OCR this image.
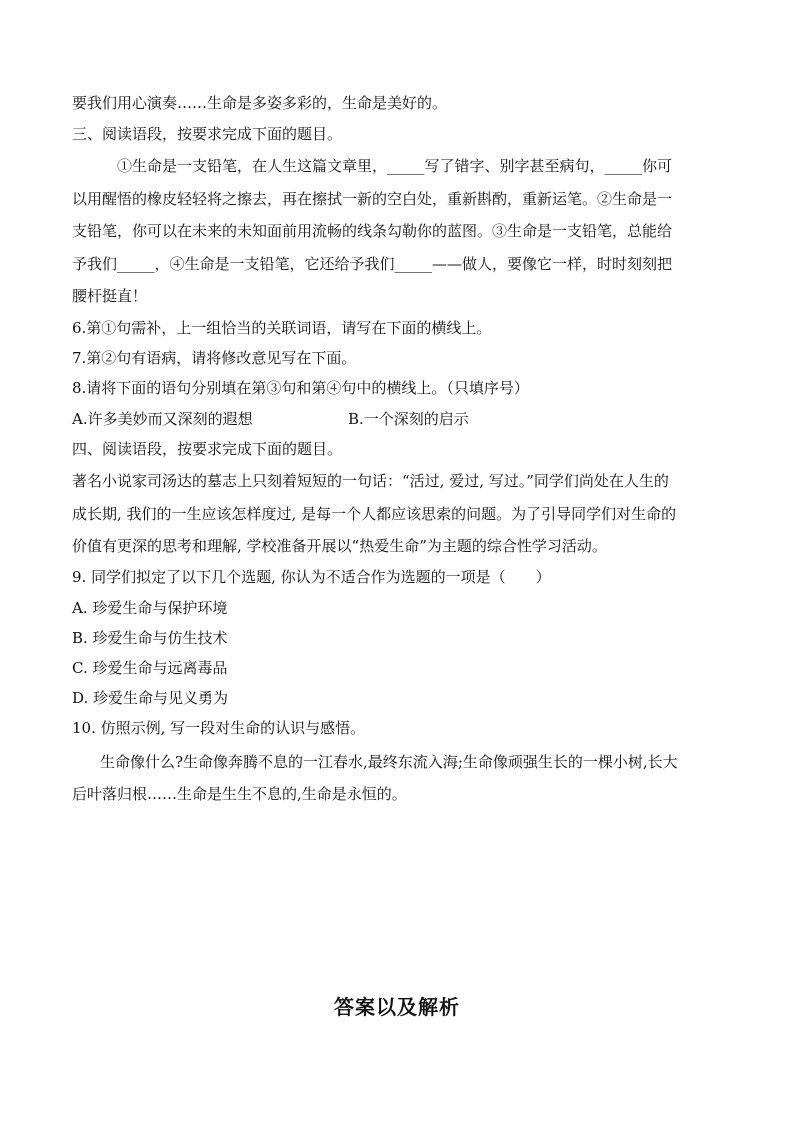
要我们用心演奏……生命是多姿多彩的，生命是美好的。
三、阅读语段，按要求完成下面的题目。
①生命是一支铅笔，在人生这篇文章里，_____写了错字、别字甚至病句，_____你可
以用醒悟的橡皮轻轻将之擦去，再在擦拭一新的空白处，重新斟酌，重新运笔。②生命是一
支铅笔，你可以在未来的未知面前用流畅的线条勾勒你的蓝图。③生命是一支铅笔，总能给
予我们_____，④生命是一支铅笔，它还给予我们_____——做人，要像它一样，时时刻刻把
腰杆挺直！
6.第①句需补，上一组恰当的关联词语，请写在下面的横线上。
7.第②句有语病，请将修改意见写在下面。
8.请将下面的语句分别填在第③句和第④句中的横线上。（只填序号）
A.许多美妙而又深刻的遐想	B.一个深刻的启示
四、阅读语段，按要求完成下面的题目。
著名小说家司汤达的墓志上只刻着短短的一句话：“活过, 爱过, 写过。”同学们尚处在人生的
成长期, 我们的一生应该怎样度过, 是每一个人都应该思索的问题。为了引导同学们对生命的
价值有更深的思考和理解, 学校准备开展以“热爱生命”为主题的综合性学习活动。
9. 同学们拟定了以下几个选题, 你认为不适合作为选题的一项是（　　）
A. 珍爱生命与保护环境
B. 珍爱生命与仿生技术
C. 珍爱生命与远离毒品
D. 珍爱生命与见义勇为
10. 仿照示例, 写一段对生命的认识与感悟。
生命像什么?生命像奔腾不息的一江春水,最终东流入海;生命像顽强生长的一棵小树,长大
后叶落归根……生命是生生不息的,生命是永恒的。
答案以及解析
